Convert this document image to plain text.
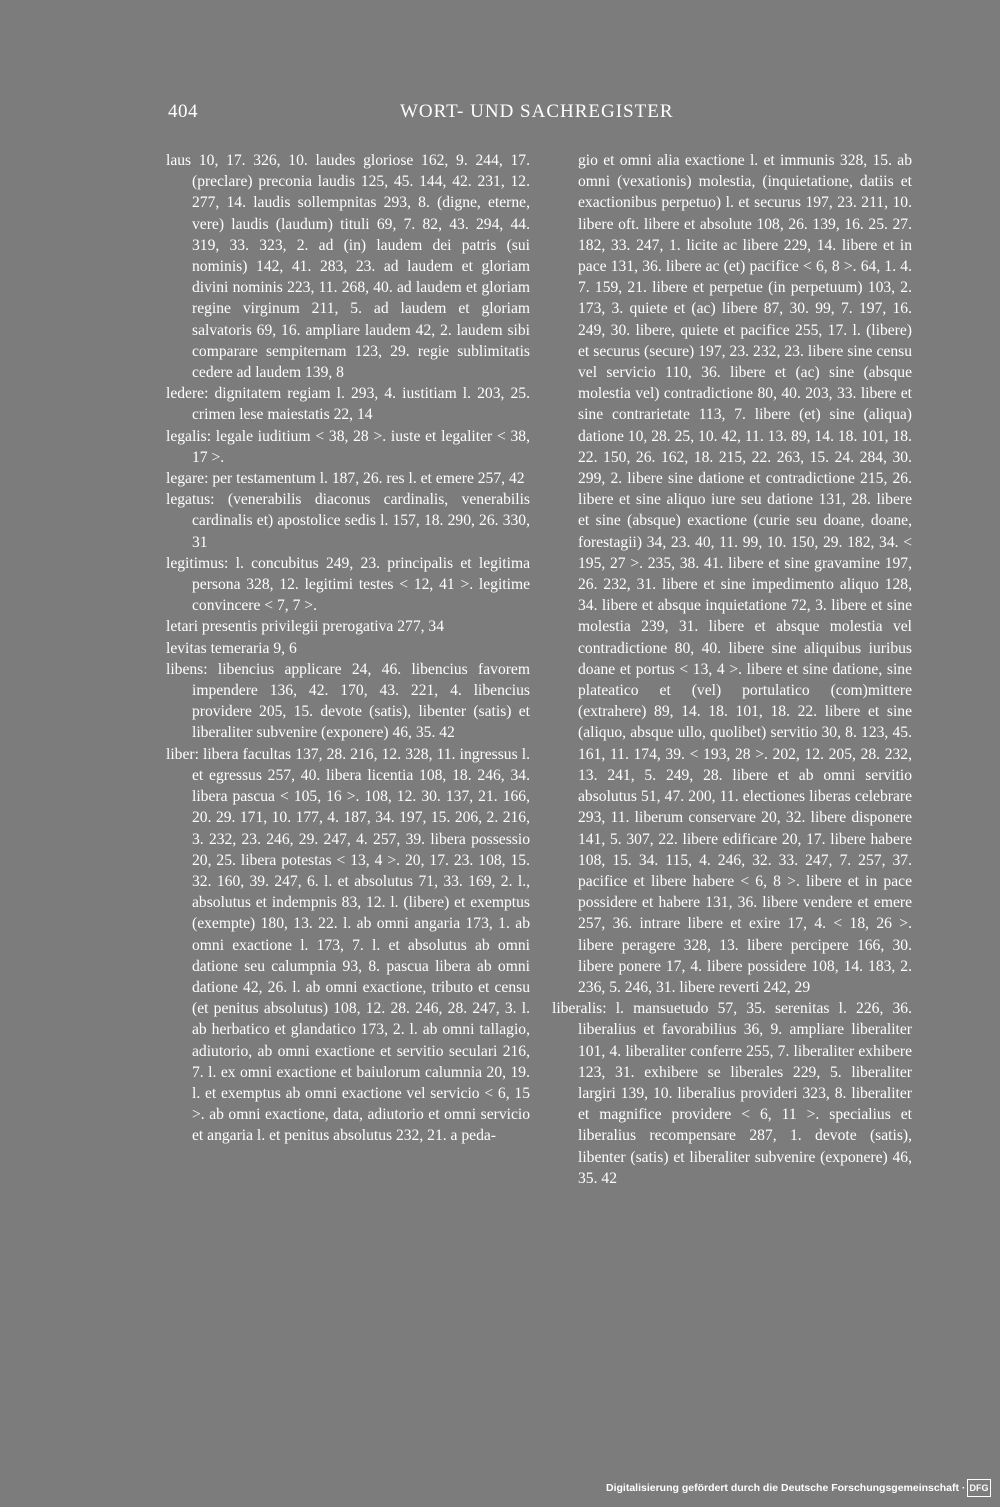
404	WORT- UND SACHREGISTER

laus 10, 17. 326, 10. laudes gloriose 162, 9. 244, 17. (preclare) preconia laudis 125, 45. 144, 42. 231, 12. 277, 14. laudis sollempnitas 293, 8. (digne, eterne, vere) laudis (laudum) tituli 69, 7. 82, 43. 294, 44. 319, 33. 323, 2. ad (in) laudem dei patris (sui nominis) 142, 41. 283, 23. ad laudem et gloriam divini nominis 223, 11. 268, 40. ad laudem et gloriam regine virginum 211, 5. ad laudem et gloriam salvatoris 69, 16. ampliare laudem 42, 2. laudem sibi comparare sempiternam 123, 29. regie sublimitatis cedere ad laudem 139, 8

ledere: dignitatem regiam l. 293, 4. iustitiam l. 203, 25. crimen lese maiestatis 22, 14

legalis: legale iuditium < 38, 28 >. iuste et legaliter < 38, 17 >.

legare: per testamentum l. 187, 26. res l. et emere 257, 42

legatus: (venerabilis diaconus cardinalis, venerabilis cardinalis et) apostolice sedis l. 157, 18. 290, 26. 330, 31

legitimus: l. concubitus 249, 23. principalis et legitima persona 328, 12. legitimi testes < 12, 41 >. legitime convincere < 7, 7 >.

letari presentis privilegii prerogativa 277, 34

levitas temeraria 9, 6

libens: libencius applicare 24, 46. libencius favorem impendere 136, 42. 170, 43. 221, 4. libencius providere 205, 15. devote (satis), libenter (satis) et liberaliter subvenire (exponere) 46, 35. 42

liber: libera facultas 137, 28. 216, 12. 328, 11. ingressus l. et egressus 257, 40. libera licentia 108, 18. 246, 34. libera pascua < 105, 16 >. 108, 12. 30. 137, 21. 166, 20. 29. 171, 10. 177, 4. 187, 34. 197, 15. 206, 2. 216, 3. 232, 23. 246, 29. 247, 4. 257, 39. libera possessio 20, 25. libera potestas < 13, 4 >. 20, 17. 23. 108, 15. 32. 160, 39. 247, 6. l. et absolutus 71, 33. 169, 2. l., absolutus et indempnis 83, 12. l. (libere) et exemptus (exempte) 180, 13. 22. l. ab omni angaria 173, 1. ab omni exactione l. 173, 7. l. et absolutus ab omni datione seu calumpnia 93, 8. pascua libera ab omni datione 42, 26. l. ab omni exactione, tributo et censu (et penitus absolutus) 108, 12. 28. 246, 28. 247, 3. l. ab herbatico et glandatico 173, 2. l. ab omni tallagio, adiutorio, ab omni exactione et servitio seculari 216, 7. l. ex omni exactione et baiulorum calumnia 20, 19. l. et exemptus ab omni exactione vel servicio < 6, 15 >. ab omni exactione, data, adiutorio et omni servicio et angaria l. et penitus absolutus 232, 21. a peda-

gio et omni alia exactione l. et immunis 328, 15. ab omni (vexationis) molestia, (inquietatione, datiis et exactionibus perpetuo) l. et securus 197, 23. 211, 10. libere oft. libere et absolute 108, 26. 139, 16. 25. 27. 182, 33. 247, 1. licite ac libere 229, 14. libere et in pace 131, 36. libere ac (et) pacifice < 6, 8 >. 64, 1. 4. 7. 159, 21. libere et perpetue (in perpetuum) 103, 2. 173, 3. quiete et (ac) libere 87, 30. 99, 7. 197, 16. 249, 30. libere, quiete et pacifice 255, 17. l. (libere) et securus (secure) 197, 23. 232, 23. libere sine censu vel servicio 110, 36. libere et (ac) sine (absque molestia vel) contradictione 80, 40. 203, 33. libere et sine contrarietate 113, 7. libere (et) sine (aliqua) datione 10, 28. 25, 10. 42, 11. 13. 89, 14. 18. 101, 18. 22. 150, 26. 162, 18. 215, 22. 263, 15. 24. 284, 30. 299, 2. libere sine datione et contradictione 215, 26. libere et sine aliquo iure seu datione 131, 28. libere et sine (absque) exactione (curie seu doane, doane, forestagii) 34, 23. 40, 11. 99, 10. 150, 29. 182, 34. < 195, 27 >. 235, 38. 41. libere et sine gravamine 197, 26. 232, 31. libere et sine impedimento aliquo 128, 34. libere et absque inquietatione 72, 3. libere et sine molestia 239, 31. libere et absque molestia vel contradictione 80, 40. libere sine aliquibus iuribus doane et portus < 13, 4 >. libere et sine datione, sine plateatico et (vel) portulatico (com)mittere (extrahere) 89, 14. 18. 101, 18. 22. libere et sine (aliquo, absque ullo, quolibet) servitio 30, 8. 123, 45. 161, 11. 174, 39. < 193, 28 >. 202, 12. 205, 28. 232, 13. 241, 5. 249, 28. libere et ab omni servitio absolutus 51, 47. 200, 11. electiones liberas celebrare 293, 11. liberum conservare 20, 32. libere disponere 141, 5. 307, 22. libere edificare 20, 17. libere habere 108, 15. 34. 115, 4. 246, 32. 33. 247, 7. 257, 37. pacifice et libere habere < 6, 8 >. libere et in pace possidere et habere 131, 36. libere vendere et emere 257, 36. intrare libere et exire 17, 4. < 18, 26 >. libere peragere 328, 13. libere percipere 166, 30. libere ponere 17, 4. libere possidere 108, 14. 183, 2. 236, 5. 246, 31. libere reverti 242, 29

liberalis: l. mansuetudo 57, 35. serenitas l. 226, 36. liberalius et favorabilius 36, 9. ampliare liberaliter 101, 4. liberaliter conferre 255, 7. liberaliter exhibere 123, 31. exhibere se liberales 229, 5. liberaliter largiri 139, 10. liberalius provideri 323, 8. liberaliter et magnifice providere < 6, 11 >. specialius et liberalius recompensare 287, 1. devote (satis), libenter (satis) et liberaliter subvenire (exponere) 46, 35. 42

Digitalisierung gefördert durch die Deutsche Forschungsgemeinschaft · DFG
